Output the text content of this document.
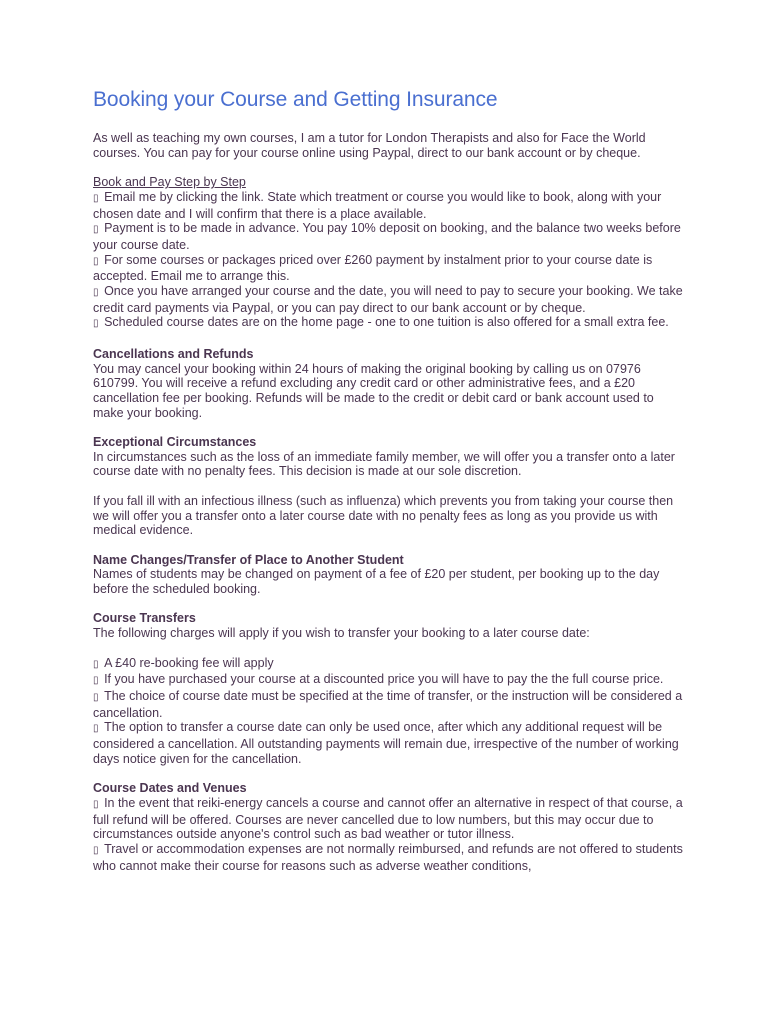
Booking your Course and Getting Insurance

As well as teaching my own courses, I am a tutor for London Therapists and also for Face the World courses. You can pay for your course online using Paypal, direct to our bank account or by cheque.

Book and Pay Step by Step

▯  Email me by clicking the link. State which treatment or course you would like to book, along with your chosen date and I will confirm that there is a place available.

▯  Payment is to be made in advance. You pay 10% deposit on booking, and the balance two weeks before your course date.

▯  For some courses or packages priced over £260 payment by instalment prior to your course date is accepted. Email me to arrange this.

▯  Once you have arranged your course and the date, you will need to pay to secure your booking. We take credit card payments via Paypal, or you can pay direct to our bank account or by cheque.

▯  Scheduled course dates are on the home page - one to one tuition is also offered for a small extra fee.

Cancellations and Refunds

You may cancel your booking within 24 hours of making the original booking by calling us on 07976 610799. You will receive a refund excluding any credit card or other administrative fees, and a £20 cancellation fee per booking. Refunds will be made to the credit or debit card or bank account used to make your booking.

Exceptional Circumstances

In circumstances such as the loss of an immediate family member, we will offer you a transfer onto a later course date with no penalty fees. This decision is made at our sole discretion.

If you fall ill with an infectious illness (such as influenza) which prevents you from taking your course then we will offer you a transfer onto a later course date with no penalty fees as long as you provide us with medical evidence.

Name Changes/Transfer of Place to Another Student

Names of students may be changed on payment of a fee of £20 per student, per booking up to the day before the scheduled booking.

Course Transfers

The following charges will apply if you wish to transfer your booking to a later course date:

▯  A £40 re-booking fee will apply

▯  If you have purchased your course at a discounted price you will have to pay the the full course price.

▯  The choice of course date must be specified at the time of transfer, or the instruction will be considered a cancellation.

▯  The option to transfer a course date can only be used once, after which any additional request will be considered a cancellation. All outstanding payments will remain due, irrespective of the number of working days notice given for the cancellation.

Course Dates and Venues

▯  In the event that reiki-energy cancels a course and cannot offer an alternative in respect of that course, a full refund will be offered. Courses are never cancelled due to low numbers, but this may occur due to circumstances outside anyone's control such as bad weather or tutor illness.

▯  Travel or accommodation expenses are not normally reimbursed, and refunds are not offered to students who cannot make their course for reasons such as adverse weather conditions,
